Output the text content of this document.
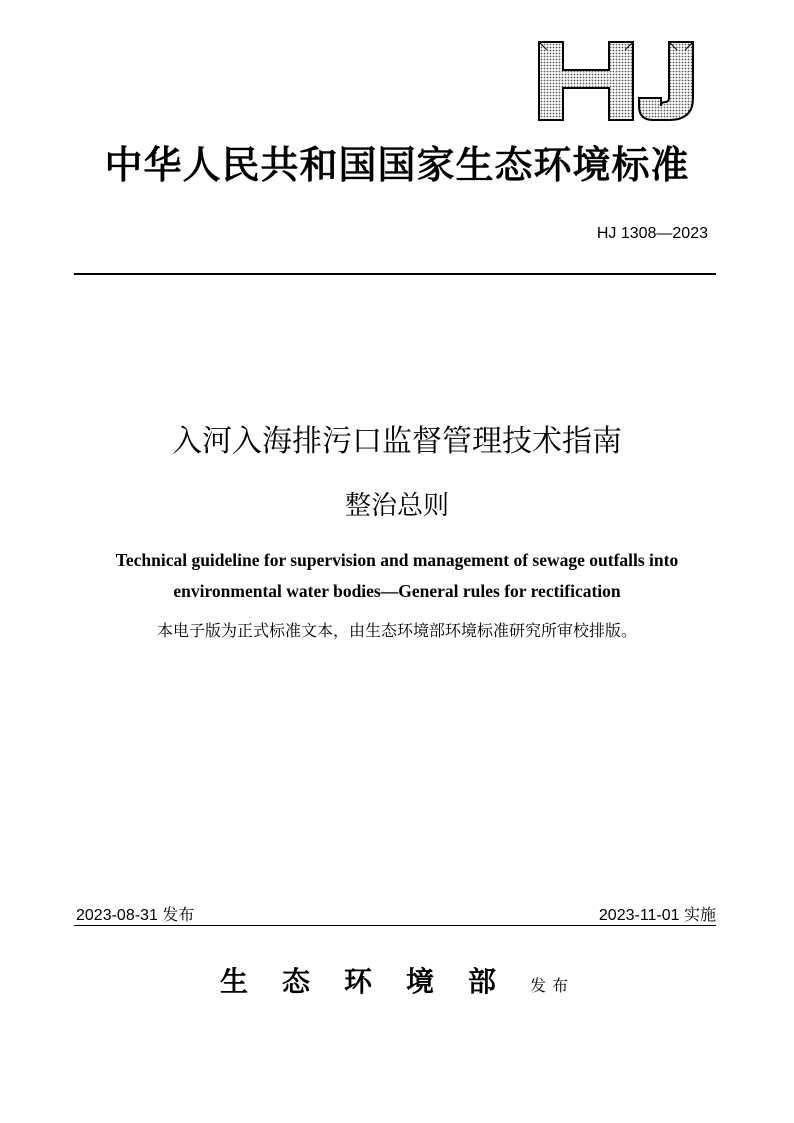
中华人民共和国国家生态环境标准
HJ 1308—2023
入河入海排污口监督管理技术指南
整治总则
Technical guideline for supervision and management of sewage outfalls into
environmental water bodies—General rules for rectification
本电子版为正式标准文本，由生态环境部环境标准研究所审校排版。
2023-08-31 发布	2023-11-01 实施
生态环境部发布
